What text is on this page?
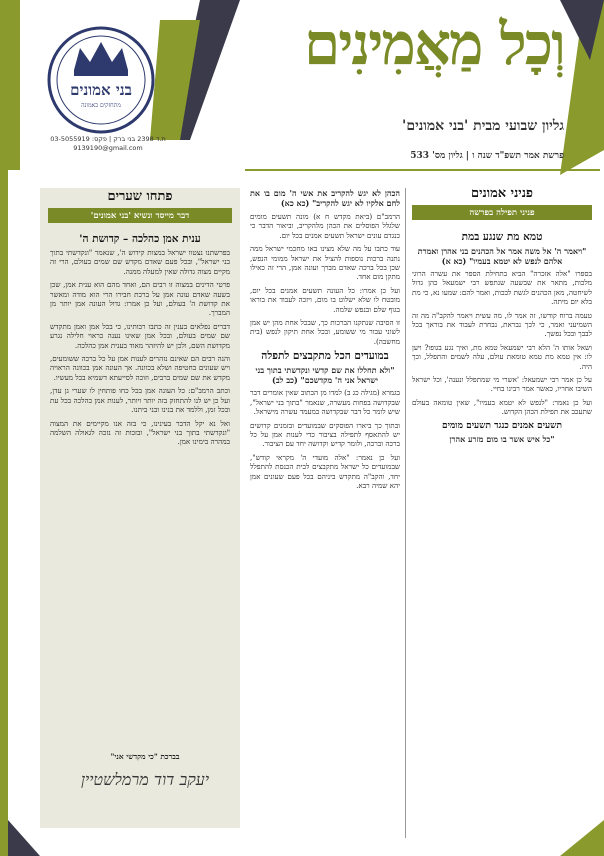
בני אמונים
מתחזקים באמונה
ת.ד 2398 בני ברק | פקס: 03-5055919
9139190@gmail.com
וְכָל מַאֲמִינִים
גליון שבועי מבית 'בני אמונים'
פרשת אמר תשפ"ד שנה ו | גליון מס' 533
פניני אמונים
פניני תפילה בפרשה
טמא מת שנגע במת
"ויאמר ה' אל משה אמר אל הכהנים בני אהרן ואמרת אלהם לנפש לא יטמא בעמיו" (כא א)

בספרו "אלה אזכרה" הביא בתחילת הספר את עשרה הרוגי מלכות, מתאר את שבשעה שנתפש רבי ישמעאל כהן גדול לשיחטה, מאן הכהנים לגשת לבכות, ואמר להם: שמעו נא, כי מת בלא יום מיתה.

טעמה ברוח קודשו, זה אמר לו, מה עשית ויאמר להקב"ה מה זה השמיעני ואמר, כי לכך נבראת, נבחרת לעבוד את בוראך בכל לבבך ובכל נפשך.

ושאל אותו ה' הלא רבי ישמעאל טמא מת, ואיך נגע בגופו? ויען לו: אין טמא מת טמא טומאת עולם, עלה לשמים והתפלל, וכך היה.

על כן אמר רבי ישמעאל: 'אשרי מי שמתפלל ונענה', וכל ישראל השיבו אחריו, כאשר אמר רבינו בחיי.

ועל כן נאמר: "לנפש לא יטמא בעמיו", שאין טומאה בעולם שתעכב את תפילת הכהן הקדוש.

תשעים אמנים כנגד תשעים מומים
"כל איש אשר בו מום מזרע אהרן

הכהן לא יגש להקריב את אשי ה' מום בו את לחם אלקיו לא יגש להקריב" (כא כא)

הרמב"ם (ביאת מקדש ח א) מונה תשעים מומים שלגלל הפוסלים את הכהן מלהקריב, וביאור הדבר כי כנגדם עונים ישראל תשעים אמנים בכל יום.

עוד כתבו על מה שלא מצינו באו מחכמי ישראל ממה נתנה ברכות נוספות להציל את ישראל ממומי הנפש, שכן בכל ברכה שאדם מברך ועונה אמן, הרי זה כאילו מתקן מום אחד.

ועל כן אמרו: כל העונה תשעים אמנים בכל יום, מובטח לו שלא ישלוט בו מום, ויזכה לעבוד את בוראו בגוף שלם ובנפש שלמה.

זו הסיבה שנתקנו הברכות כך, שבכל אחת מהן יש אמן לשוני עבור מי ששומע, ובכל אחת תיקון לנפש (בית מחשבה).

במועדים הכל מתקבצים לתפלה
"ולא תחללו את שם קדשי ונקדשתי בתוך בני ישראל אני ה' מקדשכם" (כב לב)

בגמרא (מגילה כג ב) למדו מן הכתוב שאין אומרים דבר שבקדושה בפחות מעשרה, שנאמר "בתוך בני ישראל", שיש לומר כל דבר שבקדושה במעמד עשרה מישראל.

ובתוך כך ביארו הפוסקים שבמועדים ובזמנים קדושים יש להתאסף לתפילה בציבור כדי לענות אמן על כל ברכה וברכה, ולומר קדיש וקדושה יחד עם הציבור.

ועל כן נאמר: "אלה מועדי ה' מקראי קודש", שבמועדים כל ישראל מתקבצים לבית הכנסת להתפלל יחד, והקב"ה מתקדש ביניהם בכל פעם שעונים אמן יהא שמיה רבא.

פתחו שערים
דבר מייסד ונשיא 'בני אמונים'
ענית אמן כהלכה – קדושת ה'

בפרשתנו נצטוו ישראל במצות קידוש ה', שנאמר "ונקדשתי בתוך בני ישראל", ובכל פעם שאדם מקדש שם שמים בעולם, הרי זה מקיים מצוה גדולה שאין למעלה ממנה.

פרטי הדינים במצוה זו רבים הם, ואחד מהם הוא ענית אמן, שכן בשעה שאדם עונה אמן על ברכת חבירו הרי הוא מודה ומאשר את קדושת ה' בעולם, ועל כן אמרו: גדול העונה אמן יותר מן המברך.

דברים נפלאים בענין זה כתבו רבותינו, כי בכל אמן ואמן מתקדש שם שמים בעולם, ובכל אמן שאינו נענה כראוי חלילה נגרע מקדושת השם, ולכן יש להיזהר מאוד בענית אמן כהלכה.

והנה רבים הם שאינם נזהרים לענות אמן על כל ברכה ששומעים, ויש שעונים בחטיפה ושלא בכוונה. אך העונה אמן בכוונה הראויה מקדש את שם שמים ברבים, וזוכה לסייעתא דשמיא בכל מעשיו.

וכתב הרמב"ם: כל העונה אמן בכל כחו פותחין לו שערי גן עדן, ועל כן יש לנו להתחזק בזה יותר ויותר, לענות אמן כהלכה בכל עת ובכל זמן, וללמד את בנינו ובני ביתנו.

ואל נא יקל הדבר בעינינו, כי בזה אנו מקיימים את המצוה "ונקדשתי בתוך בני ישראל", ובזכות זה נזכה לגאולה השלמה במהרה בימינו אמן.

בברכת "כי מקדשי אני"
יעקב דוד מרמלשטיין
